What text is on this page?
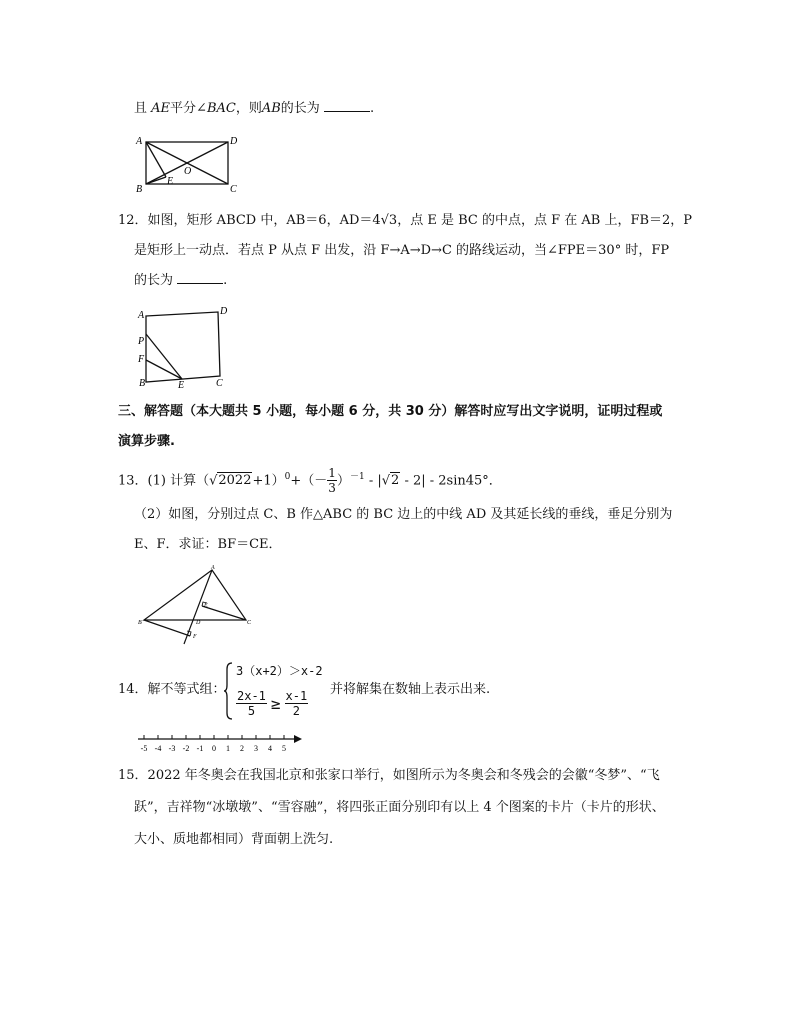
且 AE平分∠BAC，则AB的长为	.
A	D
B	C
E
O
12．如图，矩形 ABCD 中，AB＝6，AD＝4√3，点 E 是 BC 的中点，点 F 在 AB 上，FB＝2，P
是矩形上一动点．若点 P 从点 F 出发，沿 F→A→D→C 的路线运动，当∠FPE＝30° 时，FP
的长为	.
A	D
P
F
B	E	C
三、解答题（本大题共 5 小题，每小题 6 分，共 30 分）解答时应写出文字说明，证明过程或
演算步骤.
13．(1) 计算$(√2022+1)^0+(- \frac{1}{3} )^{-1} - |√2 - 2| - 2\sin 45^\circ$．
（2）如图，分别过点 C、B 作△ABC 的 BC 边上的中线 AD 及其延长线的垂线，垂足分别为
E、F．求证：BF＝CE．
A
B	C
D
E
F
14．解不等式组：
3（x+2）＞x-2
$\frac{2x-1}{5} \ge \frac{x-1}{2}$ 并将解集在数轴上表示出来.
-5 -4 -3 -2 -1 0 1 2 3 4 5
15．2022 年冬奥会在我国北京和张家口举行，如图所示为冬奥会和冬残会的会徽“冬梦”、“飞
跃”，吉祥物“冰墩墩”、“雪容融”，将四张正面分别印有以上 4 个图案的卡片（卡片的形状、
大小、质地都相同）背面朝上洗匀.
